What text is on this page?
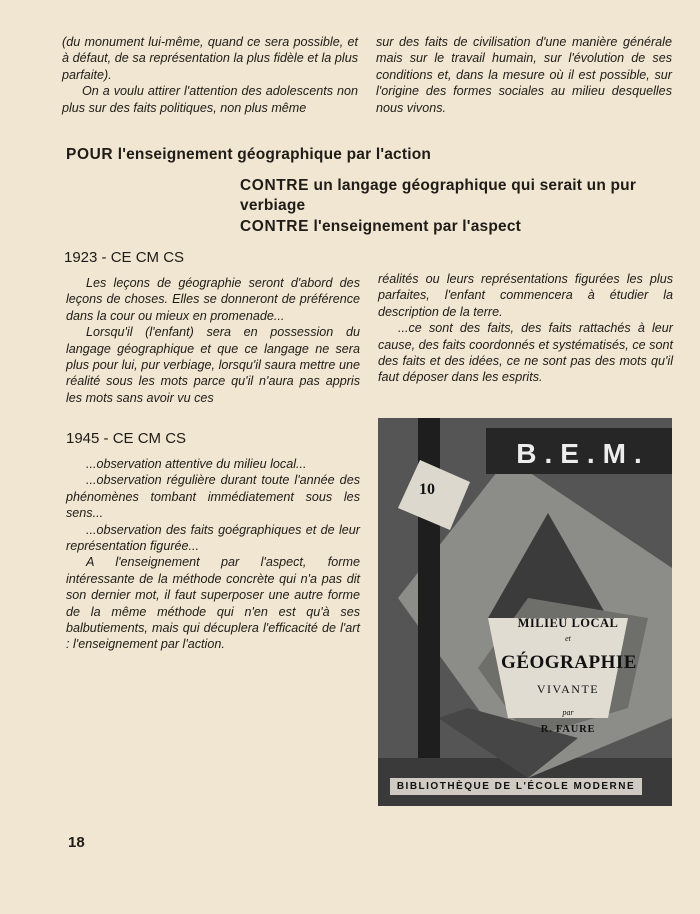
(du monument lui-même, quand ce sera possible, et à défaut, de sa représentation la plus fidèle et la plus parfaite).

On a voulu attirer l'attention des adolescents non plus sur des faits politiques, non plus même

sur des faits de civilisation d'une manière générale mais sur le travail humain, sur l'évolution de ses conditions et, dans la mesure où il est possible, sur l'origine des formes sociales au milieu desquelles nous vivons.

POUR l'enseignement géographique par l'action
CONTRE un langage géographique qui serait un pur verbiage
CONTRE l'enseignement par l'aspect
1923 - CE CM CS

Les leçons de géographie seront d'abord des leçons de choses. Elles se donneront de préférence dans la cour ou mieux en promenade...

Lorsqu'il (l'enfant) sera en possession du langage géographique et que ce langage ne sera plus pour lui, pur verbiage, lorsqu'il saura mettre une réalité sous les mots parce qu'il n'aura pas appris les mots sans avoir vu ces

réalités ou leurs représentations figurées les plus parfaites, l'enfant commencera à étudier la description de la terre.

...ce sont des faits, des faits rattachés à leur cause, des faits coordonnés et systématisés, ce sont des faits et des idées, ce ne sont pas des mots qu'il faut déposer dans les esprits.

1945 - CE CM CS

...observation attentive du milieu local...

...observation régulière durant toute l'année des phénomènes tombant immédiatement sous les sens...

...observation des faits goégraphiques et de leur représentation figurée...

A l'enseignement par l'aspect, forme intéressante de la méthode concrète qui n'a pas dit son dernier mot, il faut superposer une autre forme de la même méthode qui n'en est qu'à ses balbutiements, mais qui décuplera l'efficacité de l'art : l'enseignement par l'action.

B.E.M.
10
MILIEU LOCAL
et
GÉOGRAPHIE
VIVANTE
par
R. FAURE
BIBLIOTHÈQUE DE L'ÉCOLE MODERNE
18
